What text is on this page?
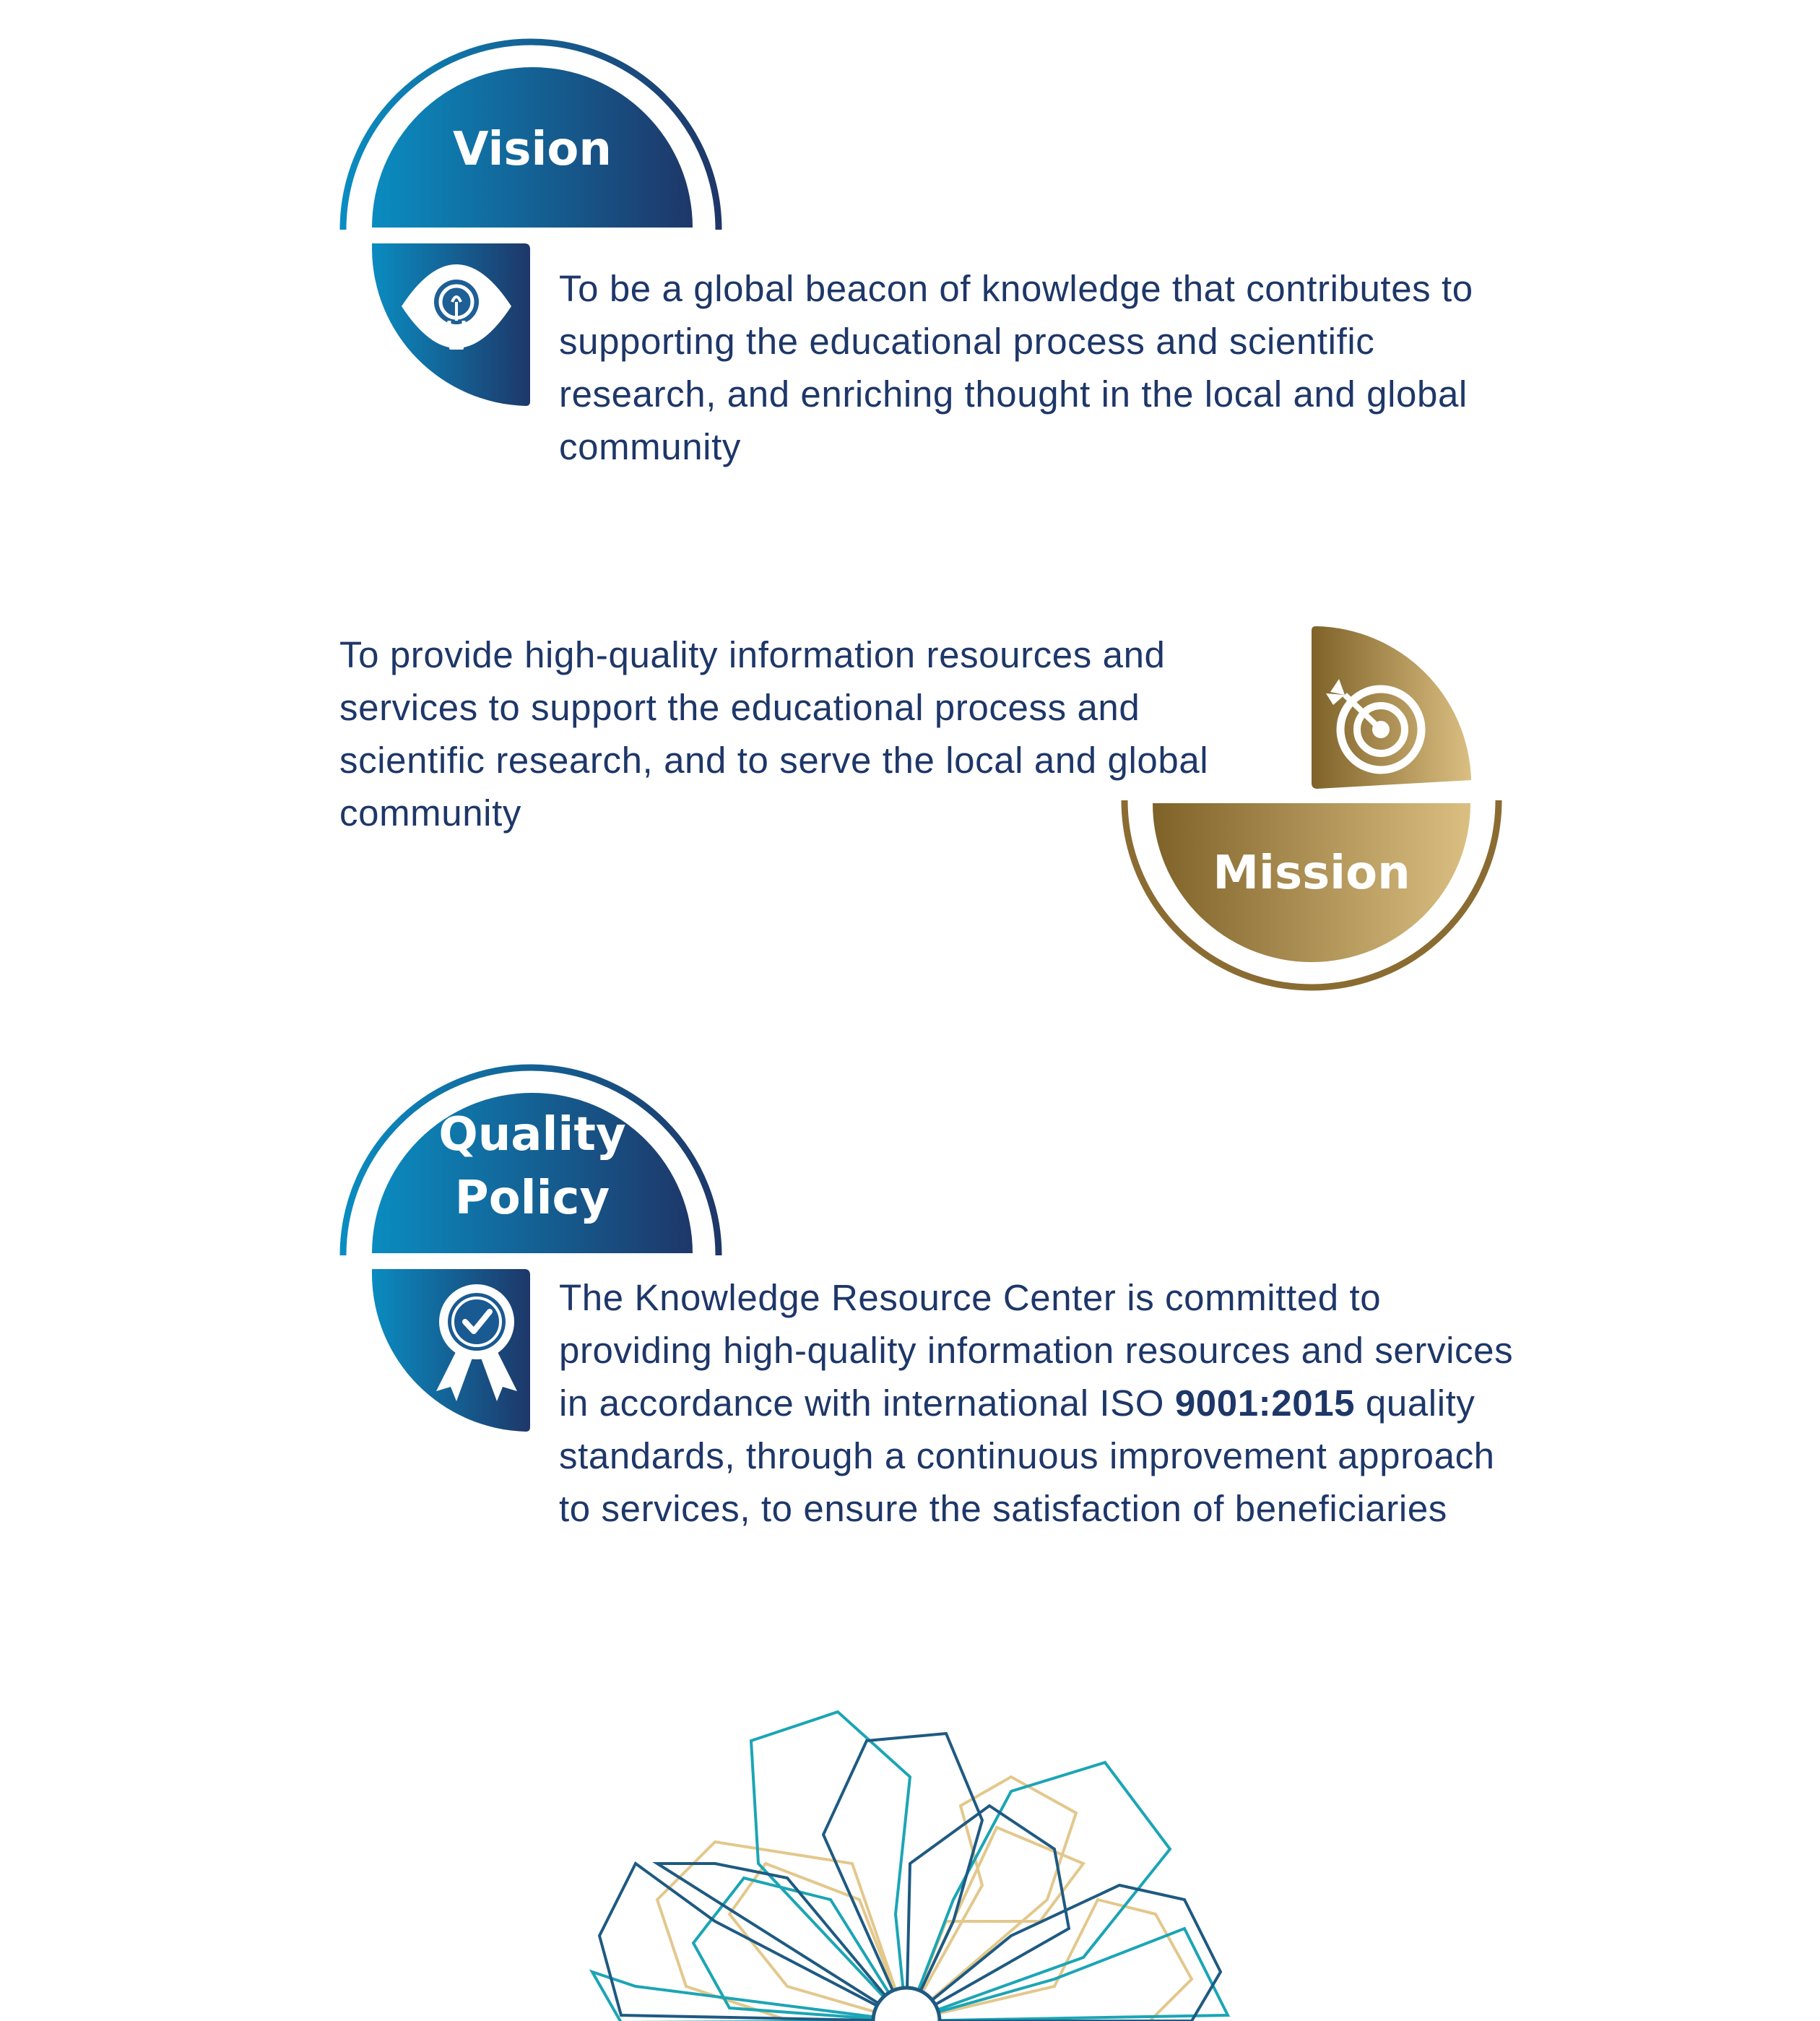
Vision

To be a global beacon of knowledge that contributes to supporting the educational process and scientific research, and enriching thought in the local and global community

To provide high-quality information resources and services to support the educational process and scientific research, and to serve the local and global community

Mission
Quality
Policy

The Knowledge Resource Center is committed to providing high-quality information resources and services in accordance with international ISO 9001:2015 quality standards, through a continuous improvement approach to services, to ensure the satisfaction of beneficiaries
